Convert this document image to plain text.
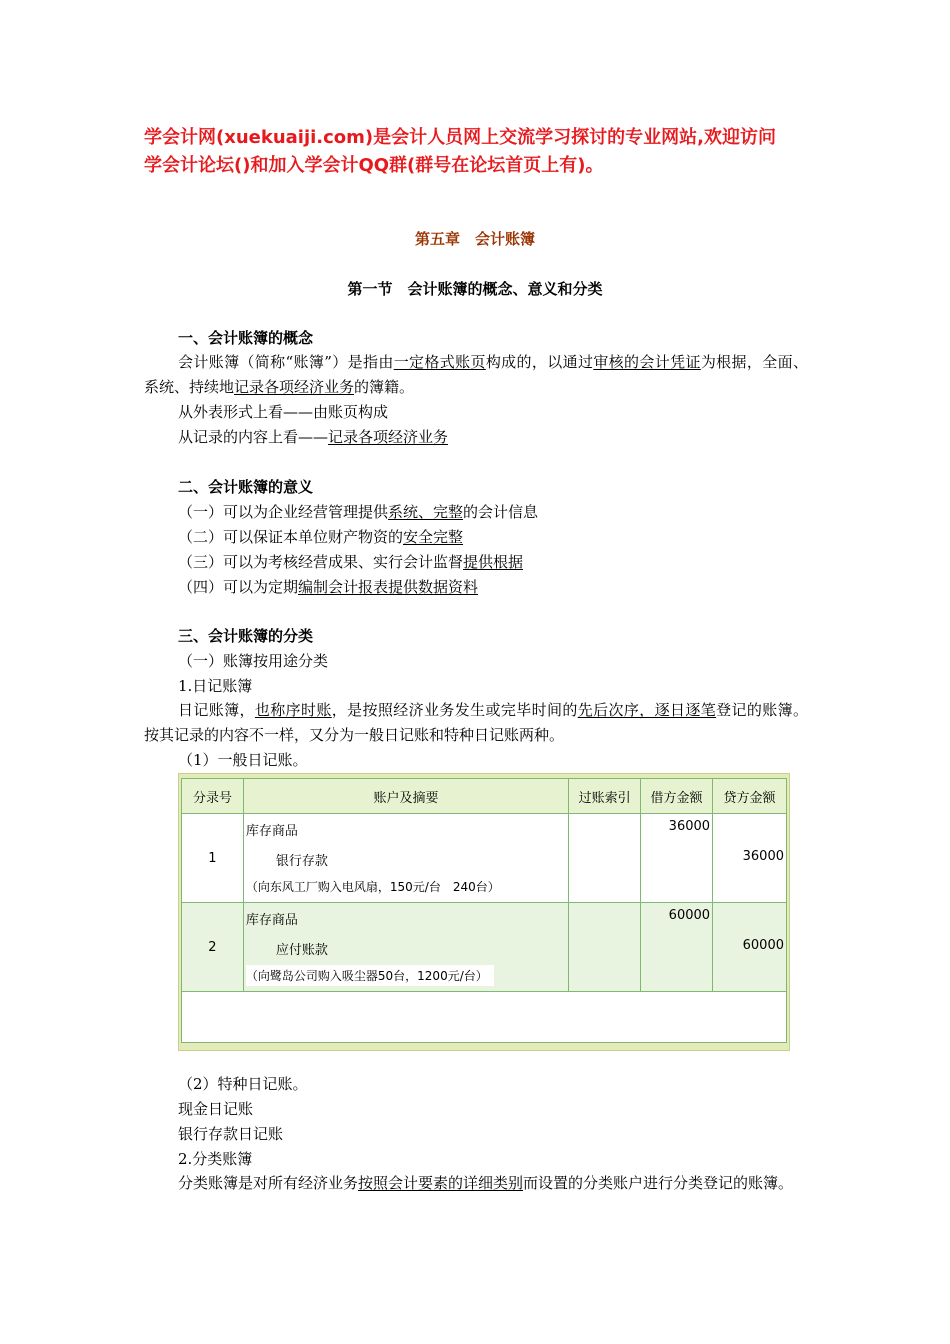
学会计网(xuekuaiji.com)是会计人员网上交流学习探讨的专业网站,欢迎访问
学会计论坛()和加入学会计QQ群(群号在论坛首页上有)。
第五章　会计账簿
第一节　会计账簿的概念、意义和分类
一、会计账簿的概念
会计账簿（简称“账簿”）是指由一定格式账页构成的，以通过审核的会计凭证为根据，全面、系统、持续地记录各项经济业务的簿籍。
从外表形式上看——由账页构成
从记录的内容上看——记录各项经济业务
二、会计账簿的意义
（一）可以为企业经营管理提供系统、完整的会计信息
（二）可以保证本单位财产物资的安全完整
（三）可以为考核经营成果、实行会计监督提供根据
（四）可以为定期编制会计报表提供数据资料
三、会计账簿的分类
（一）账簿按用途分类
1.日记账簿
日记账簿，也称序时账，是按照经济业务发生或完毕时间的先后次序，逐日逐笔登记的账簿。按其记录的内容不一样，又分为一般日记账和特种日记账两种。
（1）一般日记账。
分录号	账户及摘要	过账索引	借方金额	贷方金额
1	库存商品
银行存款
（向东风工厂购入电风扇，150元/台　240台）		36000	36000

2	库存商品
应付账款
（向鹭岛公司购入吸尘器50台，1200元/台）		60000	60000

（2）特种日记账。
现金日记账
银行存款日记账
2.分类账簿
分类账簿是对所有经济业务按照会计要素的详细类别而设置的分类账户进行分类登记的账簿。
